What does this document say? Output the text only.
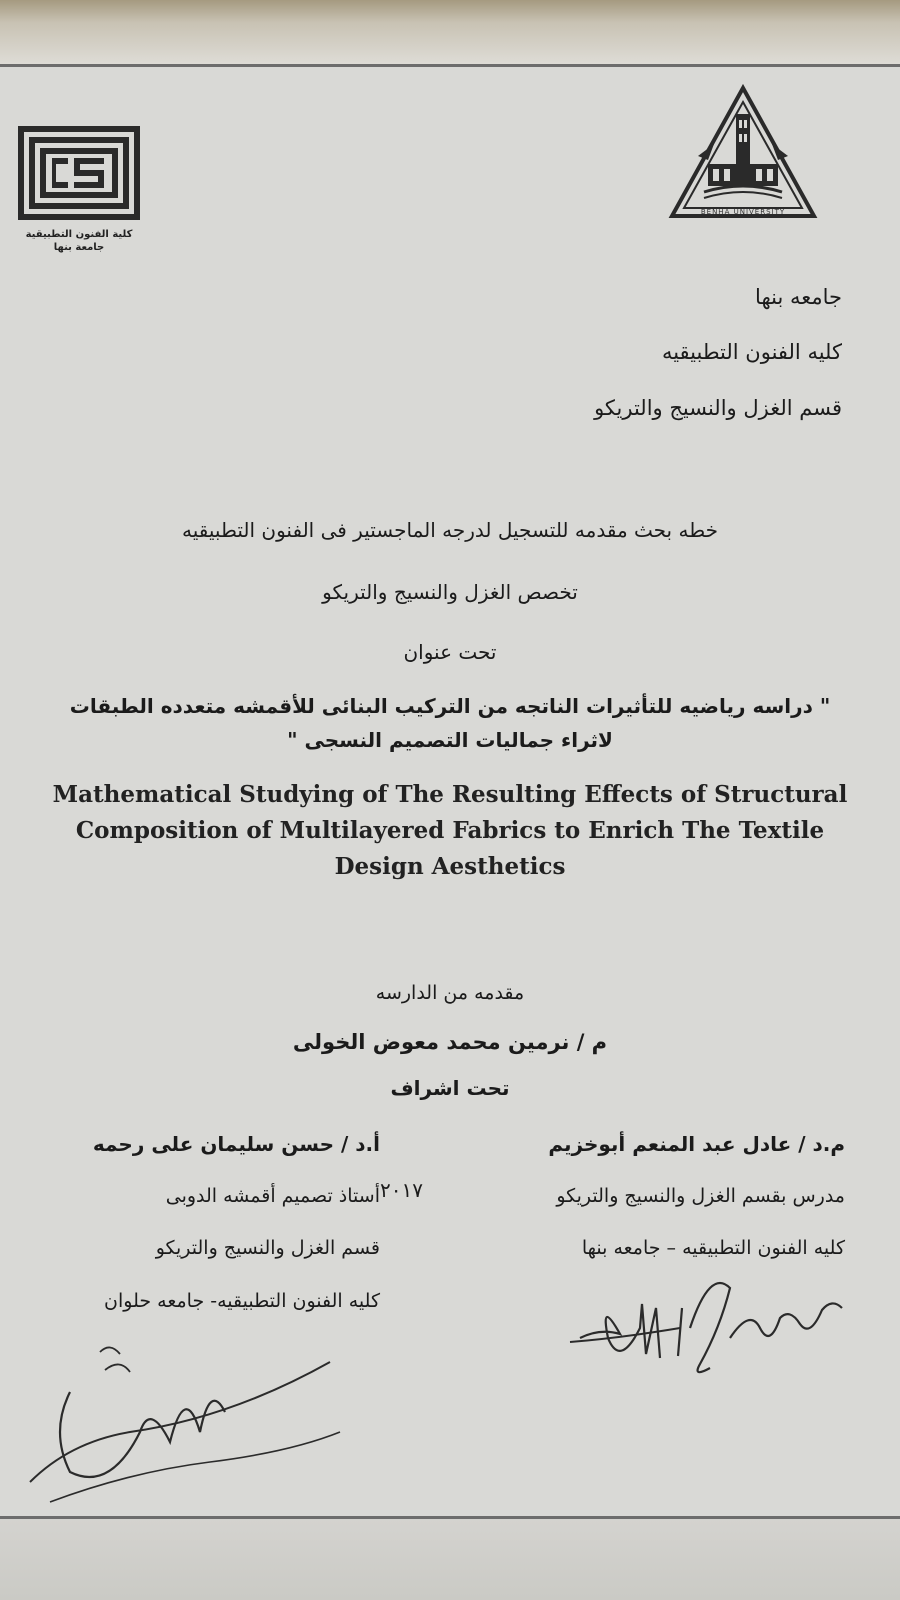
كلية الفنون التطبيقية
جامعة بنها
BENHA UNIVERSITY
جامعه بنها
كليه الفنون التطبيقيه
قسم الغزل والنسيج والتريكو
خطه بحث مقدمه للتسجيل لدرجه الماجستير فى الفنون التطبيقيه
تخصص الغزل والنسيج والتريكو
تحت عنوان
" دراسه رياضيه للتأثيرات الناتجه من التركيب البنائى للأقمشه متعدده الطبقات
لاثراء جماليات التصميم النسجى "
Mathematical Studying of The Resulting Effects of Structural
Composition of Multilayered Fabrics to Enrich The Textile
Design Aesthetics
مقدمه من الدارسه
م / نرمين محمد معوض الخولى
تحت اشراف
م.د / عادل عبد المنعم أبوخزيم
مدرس بقسم الغزل والنسيج والتريكو
كليه الفنون التطبيقيه – جامعه بنها
أ.د / حسن سليمان على رحمه
أستاذ تصميم أقمشه الدوبى
قسم الغزل والنسيج والتريكو
كليه الفنون التطبيقيه- جامعه حلوان
٢٠١٧
